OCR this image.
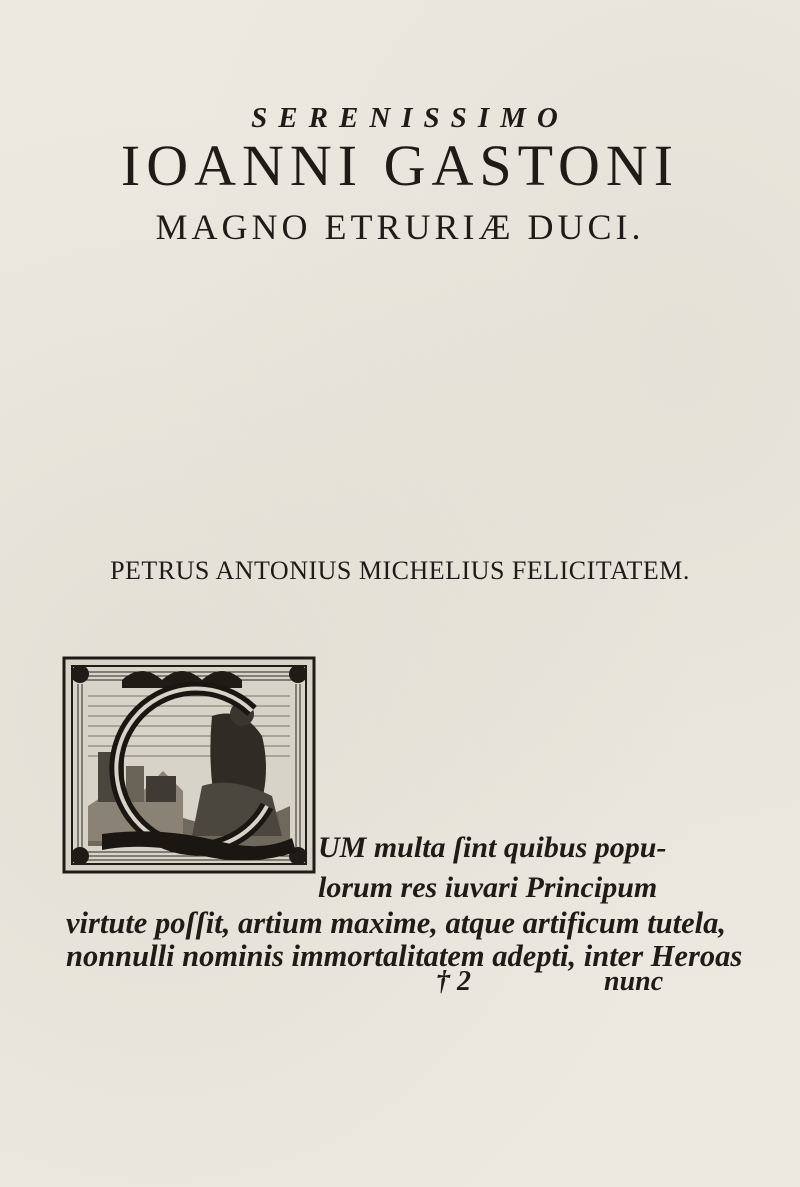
SERENISSIMO
IOANNI GASTONI
MAGNO ETRURIÆ DUCI.
PETRUS ANTONIUS MICHELIUS FELICITATEM.
UM multa ſint quibus popu-
lorum res iuvari Principum
virtute poſſit, artium maxime, atque artificum tutela,
nonnulli nominis immortalitatem adepti, inter Heroas
† 2	nunc
